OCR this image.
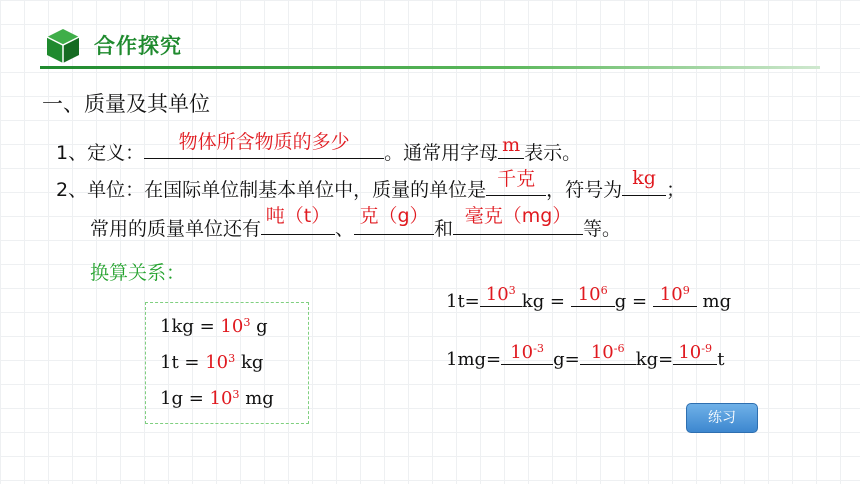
合作探究
一、质量及其单位
1、定义：	物体所含物质的多少	。通常用字母 m 表示。
2、单位：在国际单位制基本单位中，质量的单位是 千克 ，符号为
kg
；
常用的质量单位还有
吨（t）
、
克（g）
和
毫克（mg）
等。
换算关系：
$1kg = 10^3$ g
$1t = 10^3$ kg
$1g = 10^3$ mg
$1t= 10^3$
kg = $10^6$
$g = 10^9$
mg
$1mg= 10^{-3}$
$g= 10^{-6}$
$kg= 10^{-9}$
t
练习
